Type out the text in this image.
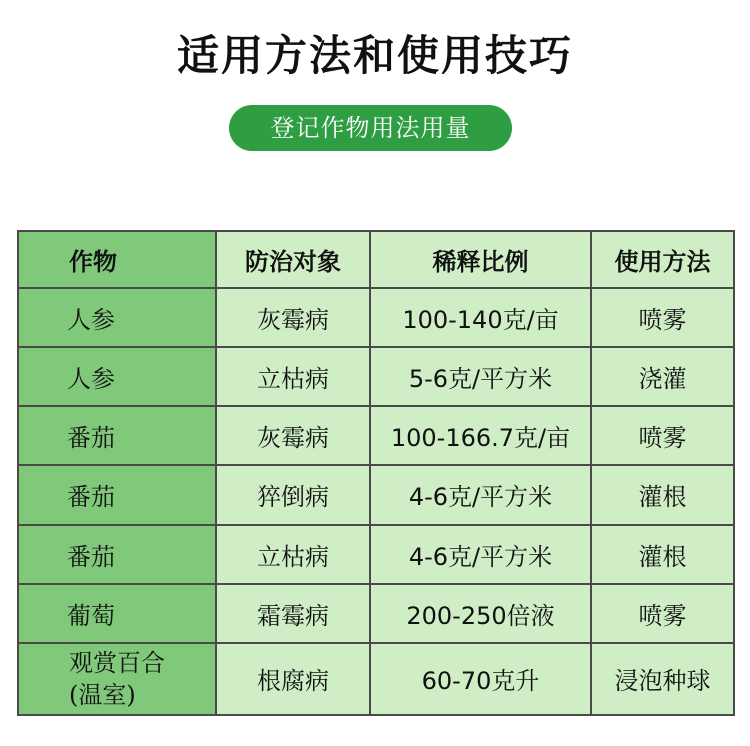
适用方法和使用技巧
登记作物用法用量
作物	防治对象	稀释比例	使用方法
人参	灰霉病	100-140克/亩	喷雾
人参	立枯病	5-6克/平方米	浇灌
番茄	灰霉病	100-166.7克/亩	喷雾
番茄	猝倒病	4-6克/平方米	灌根
番茄	立枯病	4-6克/平方米	灌根
葡萄	霜霉病	200-250倍液	喷雾

观赏百合
(温室)	根腐病	60-70克升	浸泡种球
